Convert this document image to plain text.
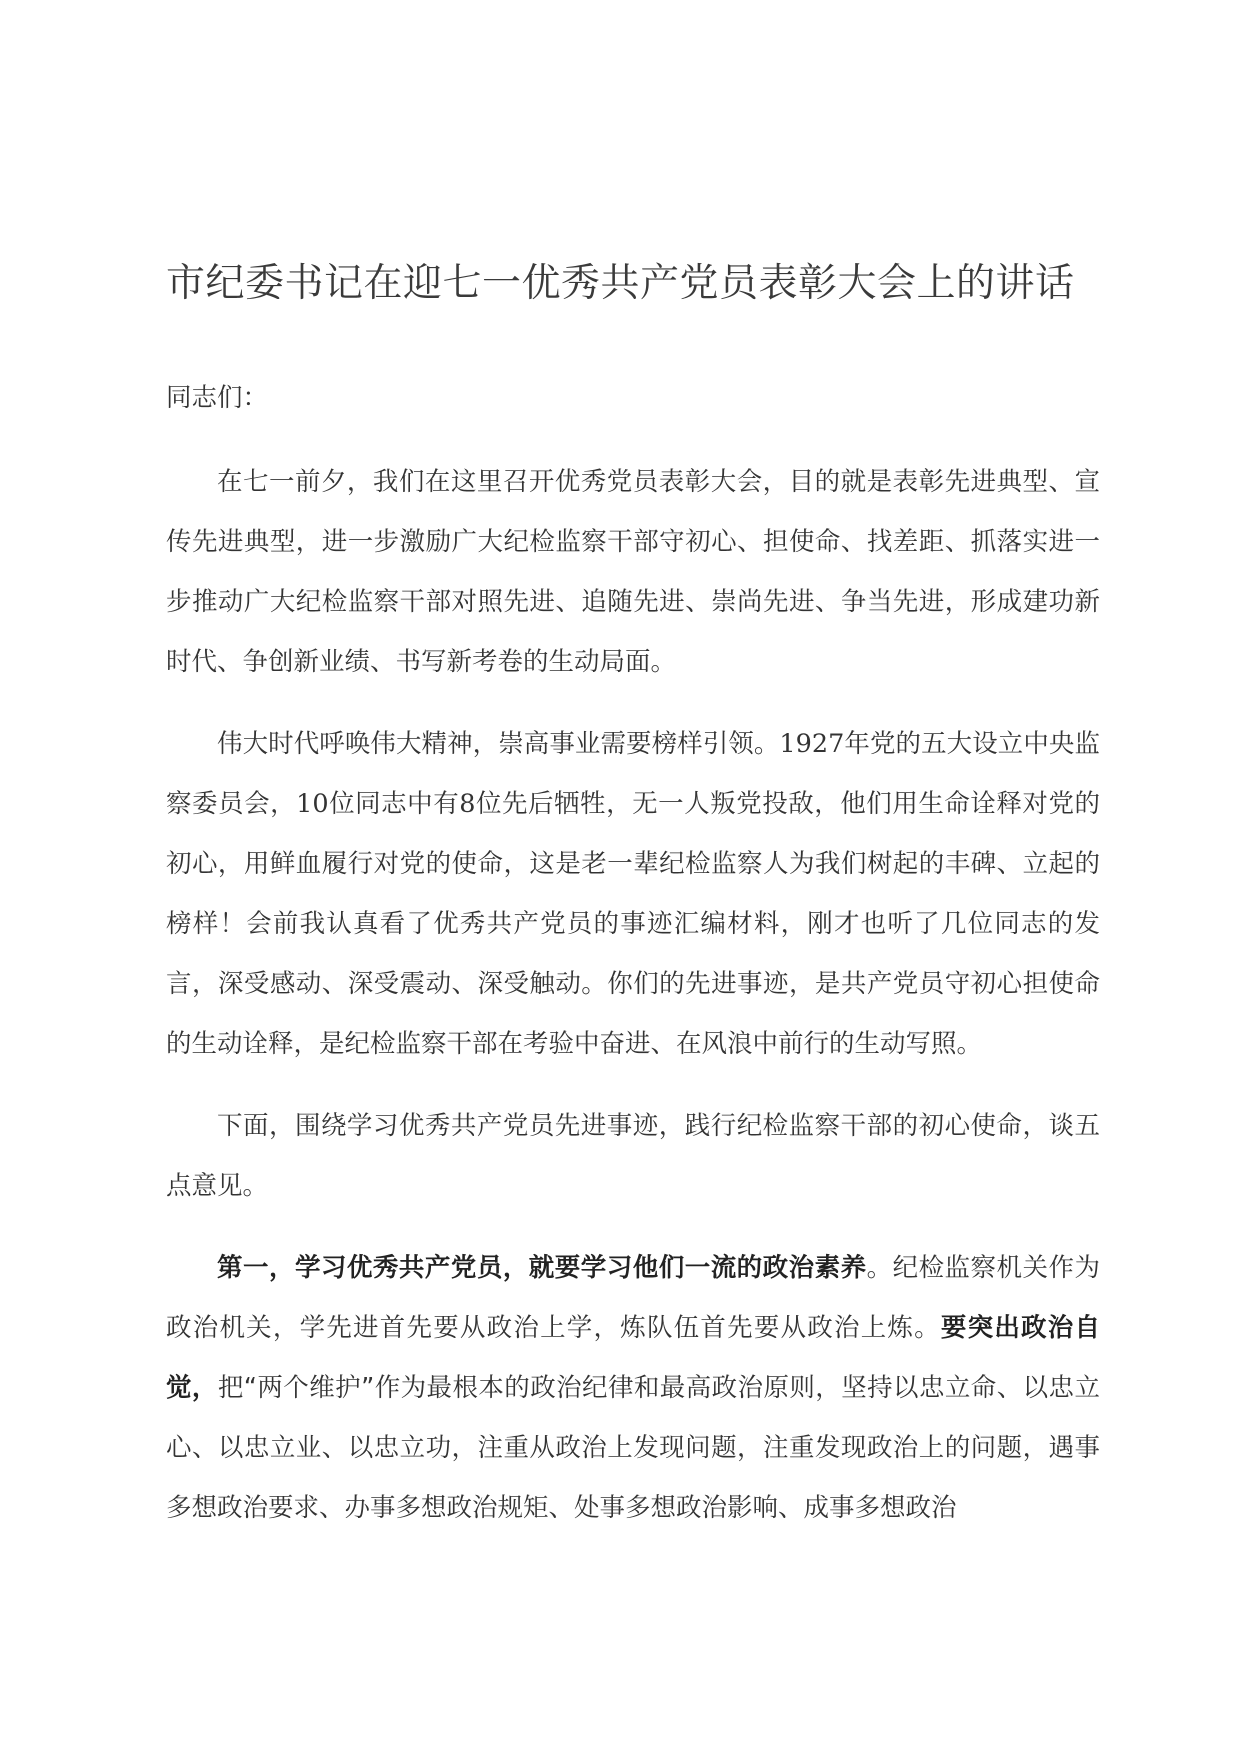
市纪委书记在迎七一优秀共产党员表彰大会上的讲话

同志们：

在七一前夕，我们在这里召开优秀党员表彰大会，目的就是表彰先进典型、宣传先进典型，进一步激励广大纪检监察干部守初心、担使命、找差距、抓落实进一步推动广大纪检监察干部对照先进、追随先进、崇尚先进、争当先进，形成建功新时代、争创新业绩、书写新考卷的生动局面。

伟大时代呼唤伟大精神，崇高事业需要榜样引领。1927年党的五大设立中央监察委员会，10位同志中有8位先后牺牲，无一人叛党投敌，他们用生命诠释对党的初心，用鲜血履行对党的使命，这是老一辈纪检监察人为我们树起的丰碑、立起的榜样！会前我认真看了优秀共产党员的事迹汇编材料，刚才也听了几位同志的发言，深受感动、深受震动、深受触动。你们的先进事迹，是共产党员守初心担使命的生动诠释，是纪检监察干部在考验中奋进、在风浪中前行的生动写照。

下面，围绕学习优秀共产党员先进事迹，践行纪检监察干部的初心使命，谈五点意见。

第一，学习优秀共产党员，就要学习他们一流的政治素养。纪检监察机关作为政治机关，学先进首先要从政治上学，炼队伍首先要从政治上炼。要突出政治自觉，把“两个维护”作为最根本的政治纪律和最高政治原则，坚持以忠立命、以忠立心、以忠立业、以忠立功，注重从政治上发现问题，注重发现政治上的问题，遇事多想政治要求、办事多想政治规矩、处事多想政治影响、成事多想政治
